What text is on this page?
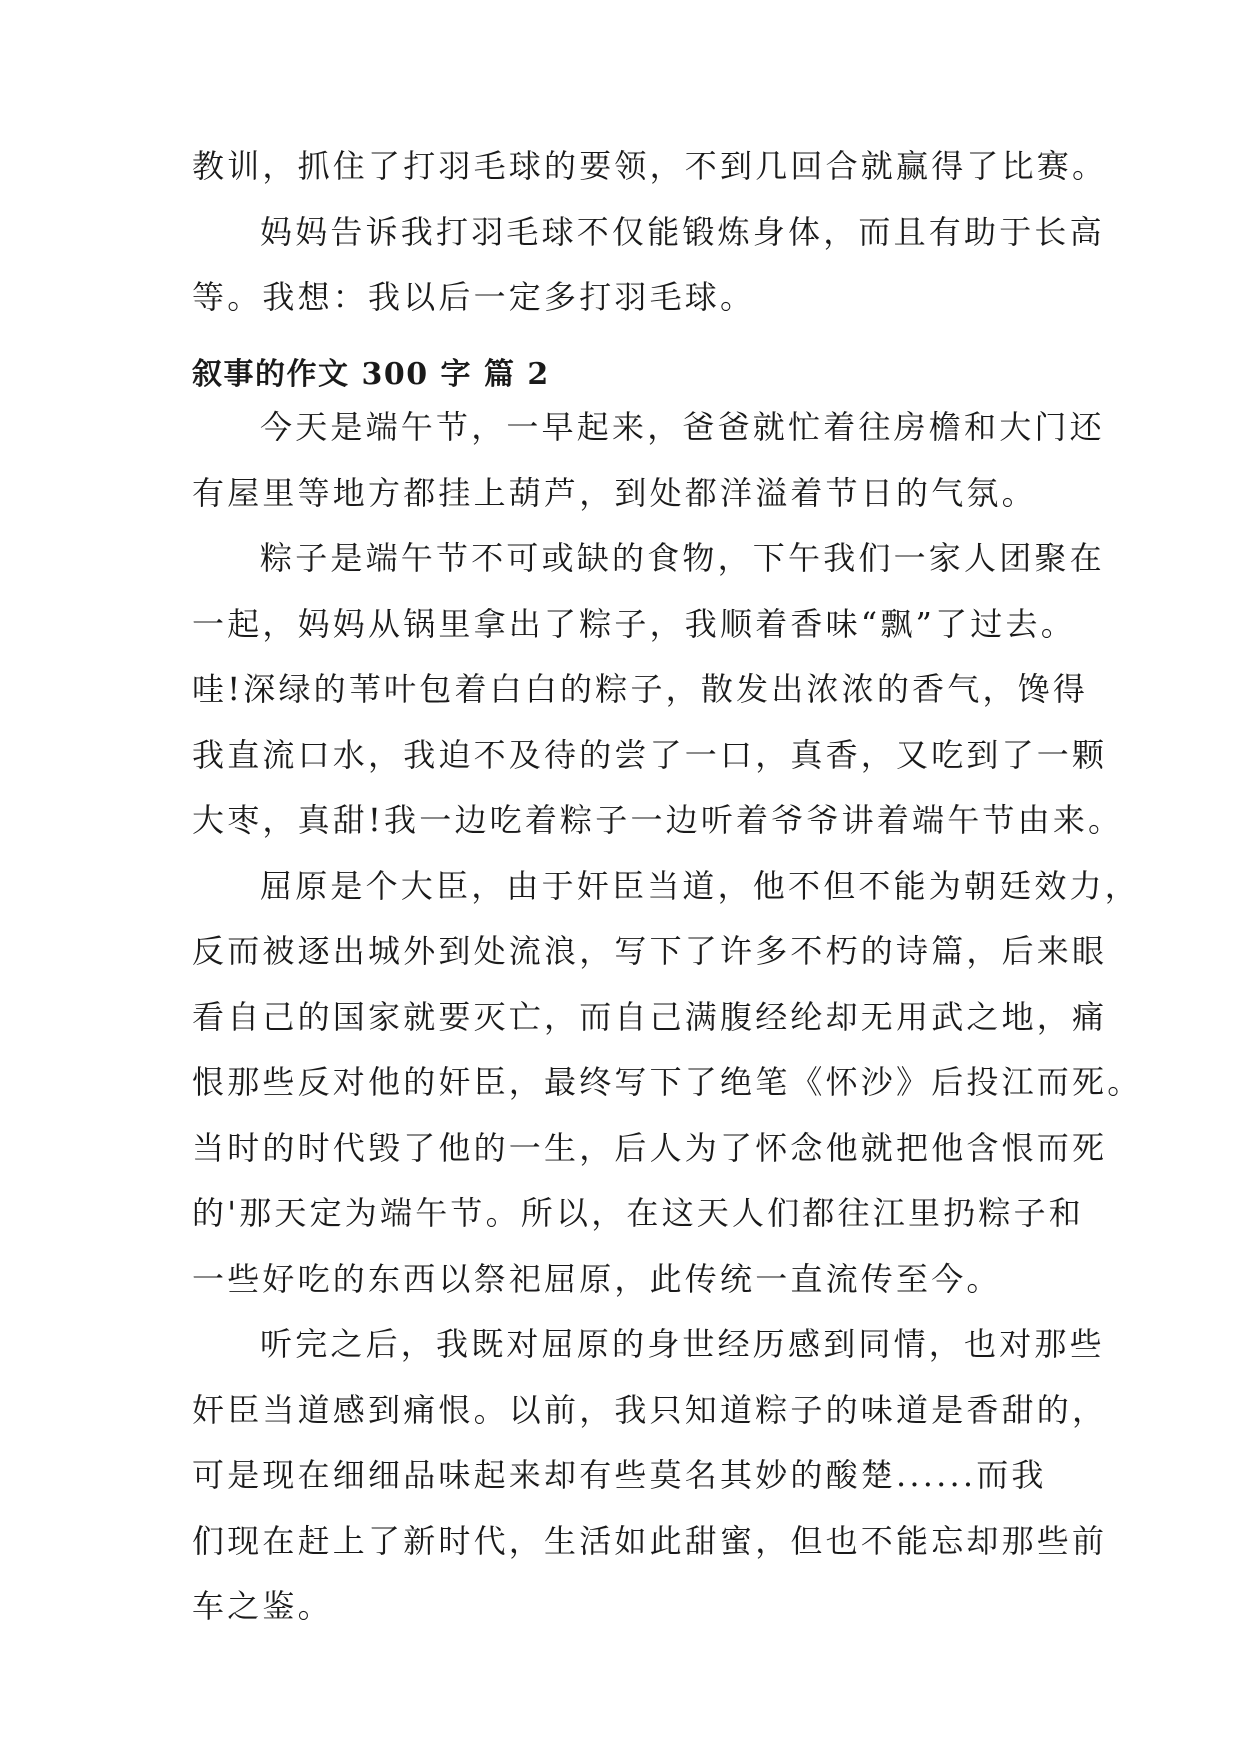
教训，抓住了打羽毛球的要领，不到几回合就赢得了比赛。

妈妈告诉我打羽毛球不仅能锻炼身体，而且有助于长高
等。我想：我以后一定多打羽毛球。

叙事的作文 300 字 篇 2

今天是端午节，一早起来，爸爸就忙着往房檐和大门还
有屋里等地方都挂上葫芦，到处都洋溢着节日的气氛。

粽子是端午节不可或缺的食物，下午我们一家人团聚在
一起，妈妈从锅里拿出了粽子，我顺着香味“飘”了过去。
哇!深绿的苇叶包着白白的粽子，散发出浓浓的香气，馋得
我直流口水，我迫不及待的尝了一口，真香，又吃到了一颗
大枣，真甜!我一边吃着粽子一边听着爷爷讲着端午节由来。

屈原是个大臣，由于奸臣当道，他不但不能为朝廷效力，
反而被逐出城外到处流浪，写下了许多不朽的诗篇，后来眼
看自己的国家就要灭亡，而自己满腹经纶却无用武之地，痛
恨那些反对他的奸臣，最终写下了绝笔《怀沙》后投江而死。
当时的时代毁了他的一生，后人为了怀念他就把他含恨而死
的'那天定为端午节。所以，在这天人们都往江里扔粽子和
一些好吃的东西以祭祀屈原，此传统一直流传至今。

听完之后，我既对屈原的身世经历感到同情，也对那些
奸臣当道感到痛恨。以前，我只知道粽子的味道是香甜的，
可是现在细细品味起来却有些莫名其妙的酸楚......而我
们现在赶上了新时代，生活如此甜蜜，但也不能忘却那些前
车之鉴。
